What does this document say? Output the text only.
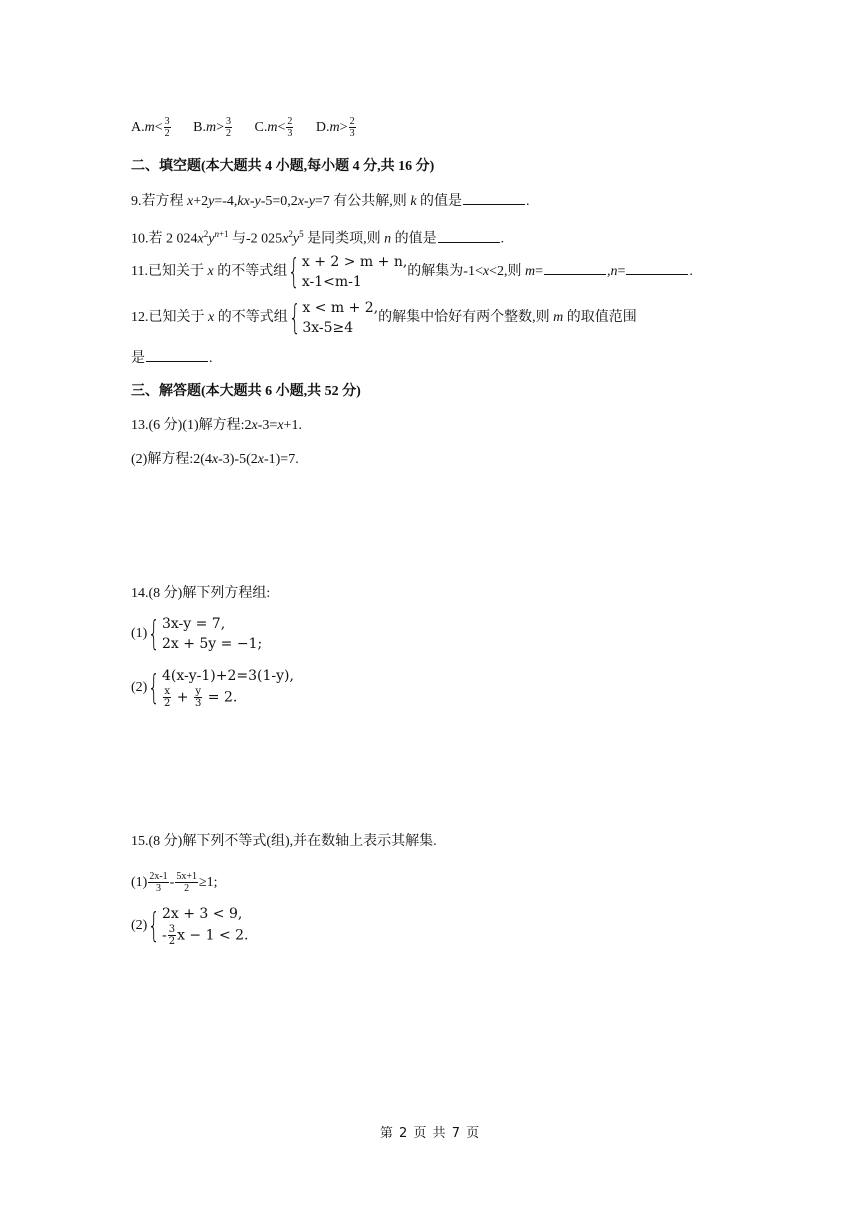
$A.m< \frac{3}{2} B.m> \frac{3}{2} C.m< \frac{2}{3} D.m> \frac{2}{3}$
二、填空题(本大题共 4 小题,每小题 4 分,共 16 分)
9.若方程 x+2y=-4,kx-y-5=0,2x-y=7 有公共解,则 k 的值是	.
10.若 2 $024x^2y^{n+1}$ 与-2 $025x^2y^5$ 是同类项,则 n 的值是	.
11.已知关于 x 的不等式组 { x + 2 > m + n,
x-1<m-1
的解集为-1<x<2,则 m=	,n=	.
12.已知关于 x 的不等式组 { x < m + 2,
3x-5≥4
的解集中恰好有两个整数,则 m 的取值范围
是	.
三、解答题(本大题共 6 小题,共 52 分)
13.(6 分)(1)解方程:2x-3=x+1.
(2)解方程:2(4x-3)-5(2x-1)=7.
14.(8 分)解下列方程组:
(1) { 3x-y = 7,
2x + 5y = −1;
(2) { 4(x-y-1)+2=3(1-y),
$\frac{x}{2} + \frac{y}{3} = 2$.
15.(8 分)解下列不等式(组),并在数轴上表示其解集.
$(1) \frac{2x-1}{3} - \frac{5x+1}{2} \ge 1$;
(2) { 2x + 3 < 9,
- $\frac{3}{2}$ x − 1 < 2.
第 2 页 共 7 页
